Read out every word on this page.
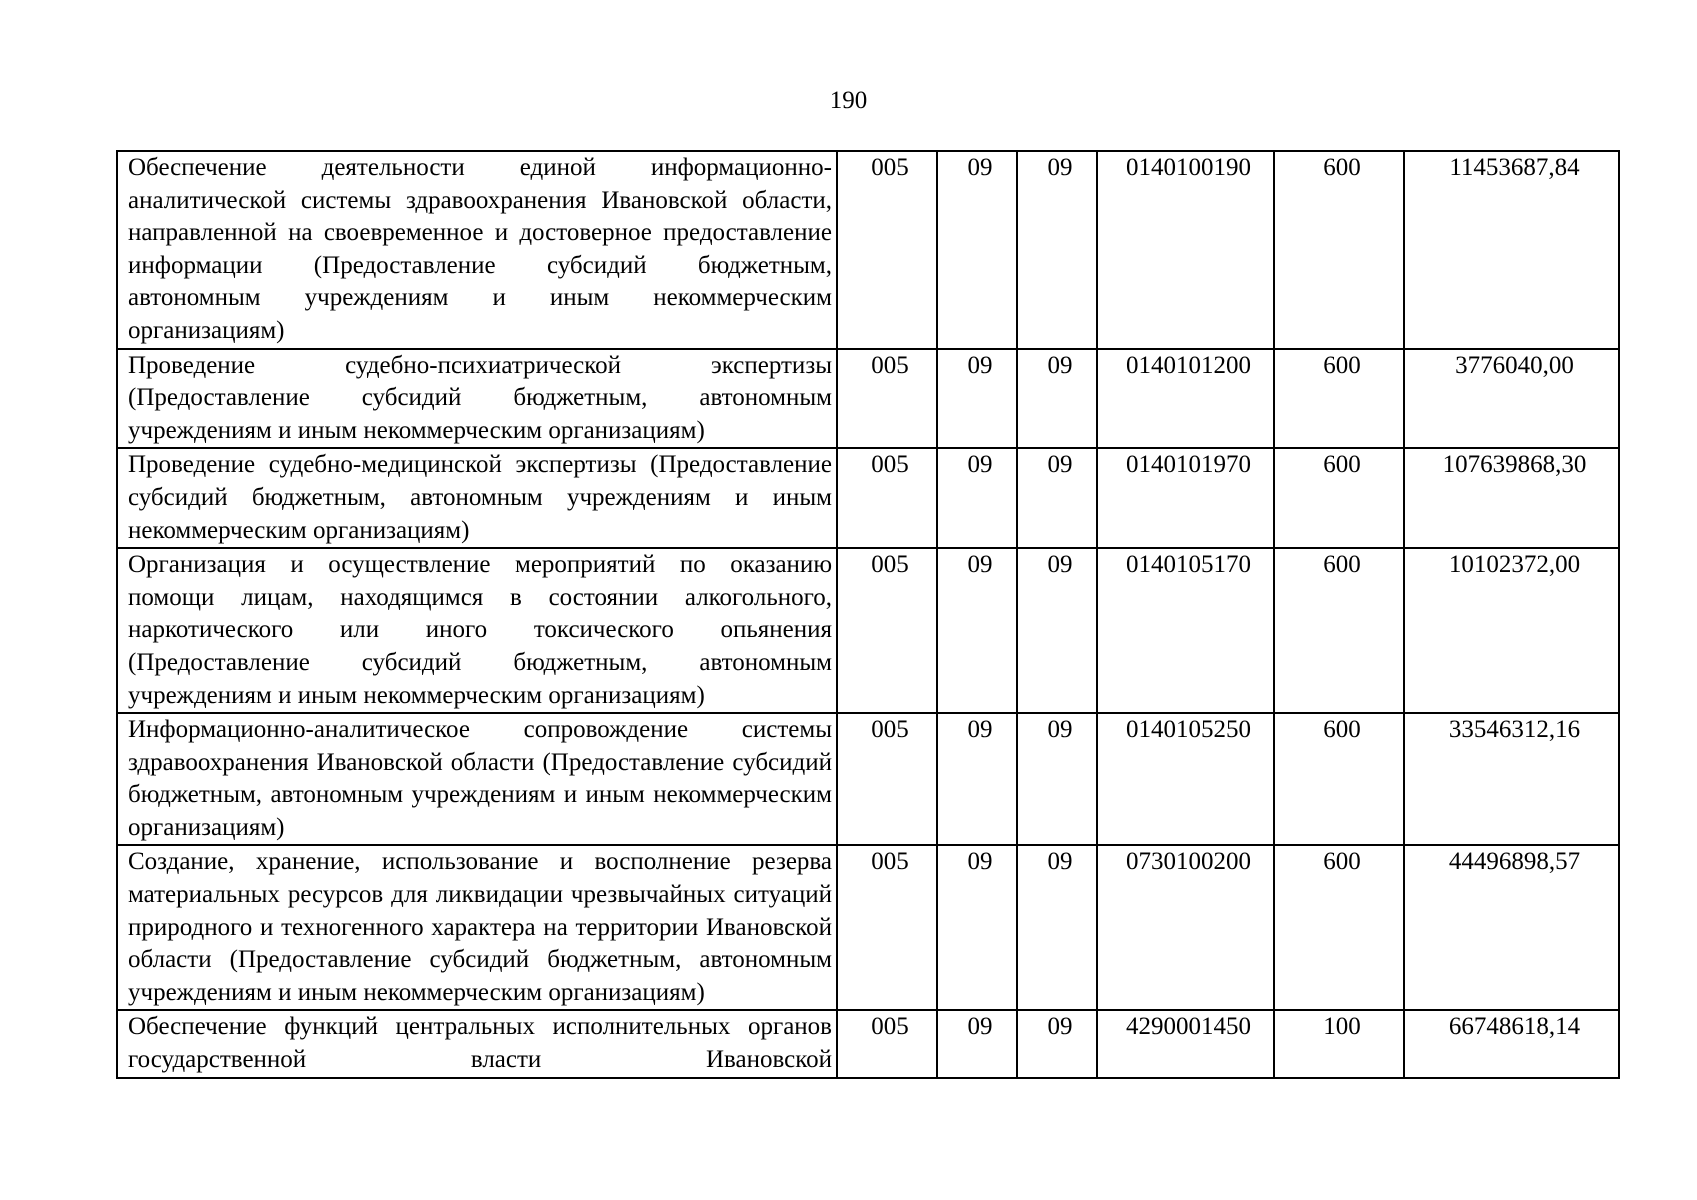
190
Обеспечение деятельности единой информационно-аналитической системы здравоохранения Ивановской области, направленной на своевременное и достоверное предоставление информации (Предоставление субсидий бюджетным, автономным учреждениям и иным некоммерческим организациям)	005	09	09	0140100190	600	11453687,84
Проведение судебно-психиатрической экспертизы (Предоставление субсидий бюджетным, автономным учреждениям и иным некоммерческим организациям)	005	09	09	0140101200	600	3776040,00
Проведение судебно-медицинской экспертизы (Предоставление субсидий бюджетным, автономным учреждениям и иным некоммерческим организациям)	005	09	09	0140101970	600	107639868,30
Организация и осуществление мероприятий по оказанию помощи лицам, находящимся в состоянии алкогольного, наркотического или иного токсического опьянения (Предоставление субсидий бюджетным, автономным учреждениям и иным некоммерческим организациям)	005	09	09	0140105170	600	10102372,00
Информационно-аналитическое сопровождение системы здравоохранения Ивановской области (Предоставление субсидий бюджетным, автономным учреждениям и иным некоммерческим организациям)	005	09	09	0140105250	600	33546312,16
Создание, хранение, использование и восполнение резерва материальных ресурсов для ликвидации чрезвычайных ситуаций природного и техногенного характера на территории Ивановской области (Предоставление субсидий бюджетным, автономным учреждениям и иным некоммерческим организациям)	005	09	09	0730100200	600	44496898,57
Обеспечение функций центральных исполнительных органов государственной власти Ивановской	005	09	09	4290001450	100	66748618,14
